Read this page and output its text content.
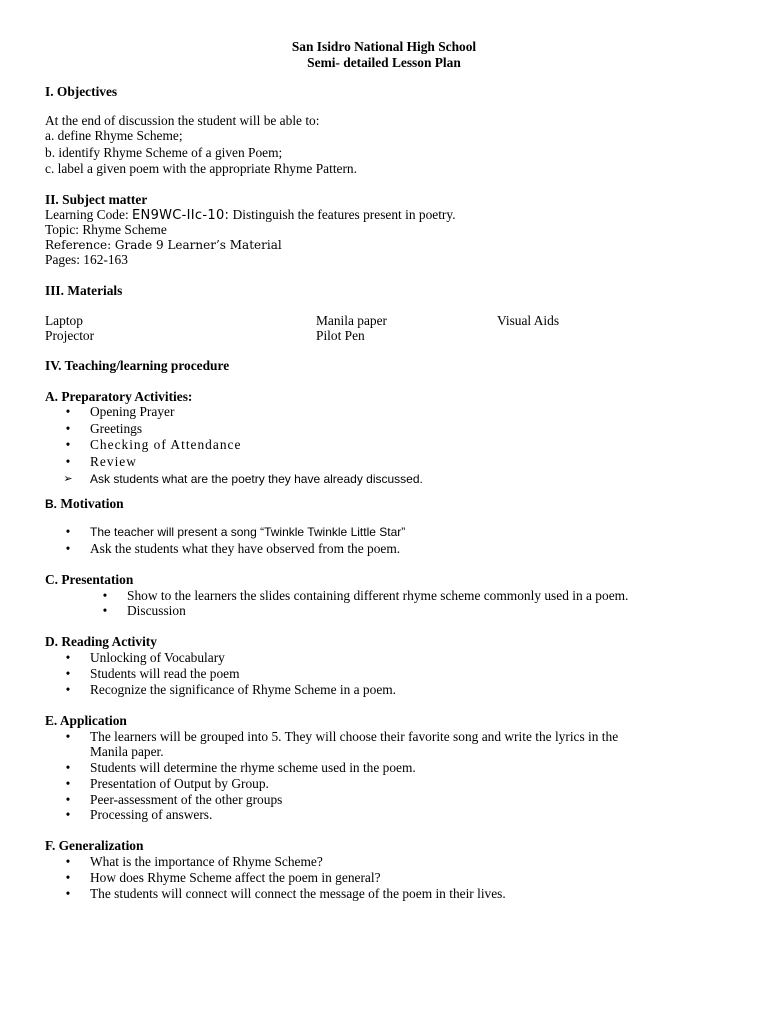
San Isidro National High School
Semi- detailed Lesson Plan
I. Objectives
At the end of discussion the student will be able to:
a. define Rhyme Scheme;
b. identify Rhyme Scheme of a given Poem;
c. label a given poem with the appropriate Rhyme Pattern.
II. Subject matter
Learning Code: EN9WC-IIc-10: Distinguish the features present in poetry.
Topic: Rhyme Scheme
Reference: Grade 9 Learner’s Material
Pages: 162-163
III. Materials
Laptop
Projector
Manila paper
Pilot Pen
Visual Aids
IV. Teaching/learning procedure
A. Preparatory Activities:
• Opening Prayer
• Greetings
• Checking of Attendance
• Review
➢ Ask students what are the poetry they have already discussed.
B. Motivation
• The teacher will present a song “Twinkle Twinkle Little Star”
• Ask the students what they have observed from the poem.
C. Presentation
• Show to the learners the slides containing different rhyme scheme commonly used in a poem.
• Discussion
D. Reading Activity
• Unlocking of Vocabulary
• Students will read the poem
• Recognize the significance of Rhyme Scheme in a poem.
E. Application
• The learners will be grouped into 5. They will choose their favorite song and write the lyrics in the
Manila paper.
• Students will determine the rhyme scheme used in the poem.
• Presentation of Output by Group.
• Peer-assessment of the other groups
• Processing of answers.
F. Generalization
• What is the importance of Rhyme Scheme?
• How does Rhyme Scheme affect the poem in general?
• The students will connect will connect the message of the poem in their lives.
